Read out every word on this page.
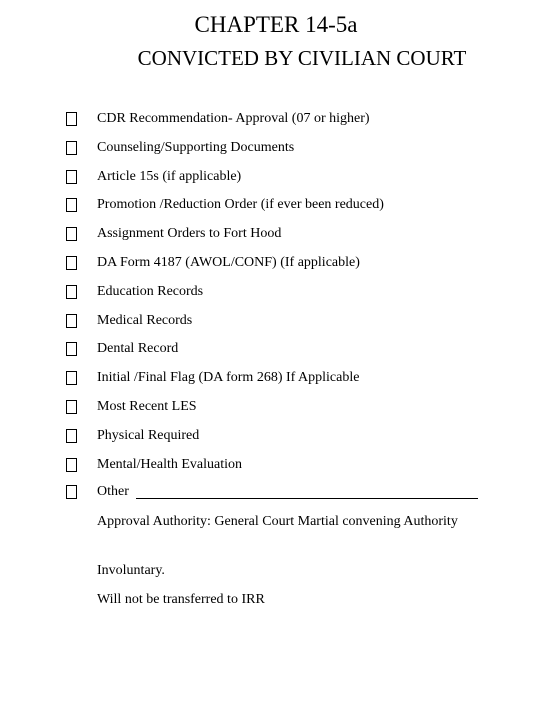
CHAPTER 14-5a
CONVICTED BY CIVILIAN COURT
CDR Recommendation- Approval (07 or higher)
Counseling/Supporting Documents
Article 15s (if applicable)
Promotion /Reduction Order (if ever been reduced)
Assignment Orders to Fort Hood
DA Form 4187 (AWOL/CONF) (If applicable)
Education Records
Medical Records
Dental Record
Initial /Final Flag (DA form 268) If Applicable
Most Recent LES
Physical Required
Mental/Health Evaluation
Other
Approval Authority: General Court Martial convening Authority
Involuntary.
Will not be transferred to IRR
